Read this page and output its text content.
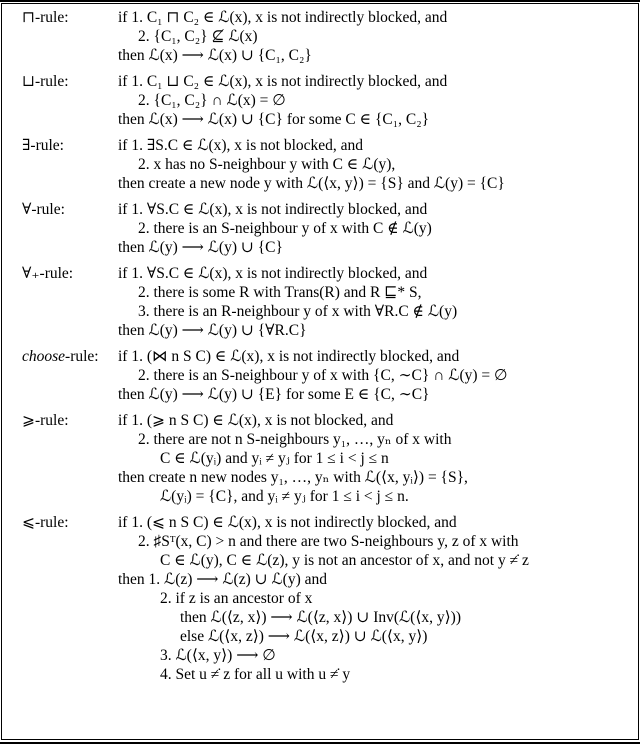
⊓-rule:	if 1. C₁ ⊓ C₂ ∈ ℒ(x), x is not indirectly blocked, and
2. {C₁, C₂} ⊈ ℒ(x)
then ℒ(x) ⟶ ℒ(x) ∪ {C₁, C₂}
⊔-rule:	if 1. C₁ ⊔ C₂ ∈ ℒ(x), x is not indirectly blocked, and
2. {C₁, C₂} ∩ ℒ(x) = ∅
then ℒ(x) ⟶ ℒ(x) ∪ {C} for some C ∈ {C₁, C₂}
∃-rule:	if 1. ∃S.C ∈ ℒ(x), x is not blocked, and
2. x has no S-neighbour y with C ∈ ℒ(y),
then create a new node y with ℒ(⟨x, y⟩) = {S} and ℒ(y) = {C}
∀-rule:	if 1. ∀S.C ∈ ℒ(x), x is not indirectly blocked, and
2. there is an S-neighbour y of x with C ∉ ℒ(y)
then ℒ(y) ⟶ ℒ(y) ∪ {C}
∀₊-rule:	if 1. ∀S.C ∈ ℒ(x), x is not indirectly blocked, and
2. there is some R with Trans(R) and R ⊑* S,
3. there is an R-neighbour y of x with ∀R.C ∉ ℒ(y)
then ℒ(y) ⟶ ℒ(y) ∪ {∀R.C}
choose-rule:	if 1. (⋈ n S C) ∈ ℒ(x), x is not indirectly blocked, and
2. there is an S-neighbour y of x with {C, ∼C} ∩ ℒ(y) = ∅
then ℒ(y) ⟶ ℒ(y) ∪ {E} for some E ∈ {C, ∼C}
⩾-rule:	if 1. (⩾ n S C) ∈ ℒ(x), x is not blocked, and
2. there are not n S-neighbours y₁, …, yₙ of x with
C ∈ ℒ(yᵢ) and yᵢ ≠ yⱼ for 1 ≤ i < j ≤ n
then create n new nodes y₁, …, yₙ with ℒ(⟨x, yᵢ⟩) = {S},
ℒ(yᵢ) = {C}, and yᵢ ≠ yⱼ for 1 ≤ i < j ≤ n.
⩽-rule:	if 1. (⩽ n S C) ∈ ℒ(x), x is not indirectly blocked, and
2. ♯Sᵀ(x, C) > n and there are two S-neighbours y, z of x with
C ∈ ℒ(y), C ∈ ℒ(z), y is not an ancestor of x, and not y ≠̇ z
then 1. ℒ(z) ⟶ ℒ(z) ∪ ℒ(y) and
2. if z is an ancestor of x
then ℒ(⟨z, x⟩) ⟶ ℒ(⟨z, x⟩) ∪ Inv(ℒ(⟨x, y⟩))
else ℒ(⟨x, z⟩) ⟶ ℒ(⟨x, z⟩) ∪ ℒ(⟨x, y⟩)
3. ℒ(⟨x, y⟩) ⟶ ∅
4. Set u ≠̇ z for all u with u ≠̇ y
